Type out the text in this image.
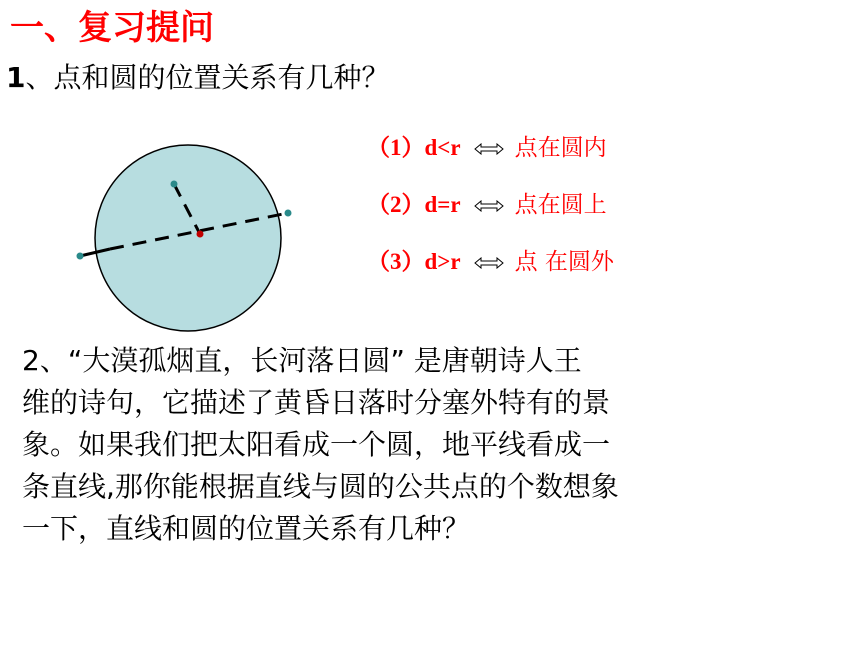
一、复习提问
1、点和圆的位置关系有几种？
（1）d<r 点在圆内
（2）d=r 点在圆上
（3）d>r 点 在圆外
2、“大漠孤烟直，长河落日圆” 是唐朝诗人王
维的诗句，它描述了黄昏日落时分塞外特有的景
象。如果我们把太阳看成一个圆，地平线看成一
条直线,那你能根据直线与圆的公共点的个数想象
一下，直线和圆的位置关系有几种？
